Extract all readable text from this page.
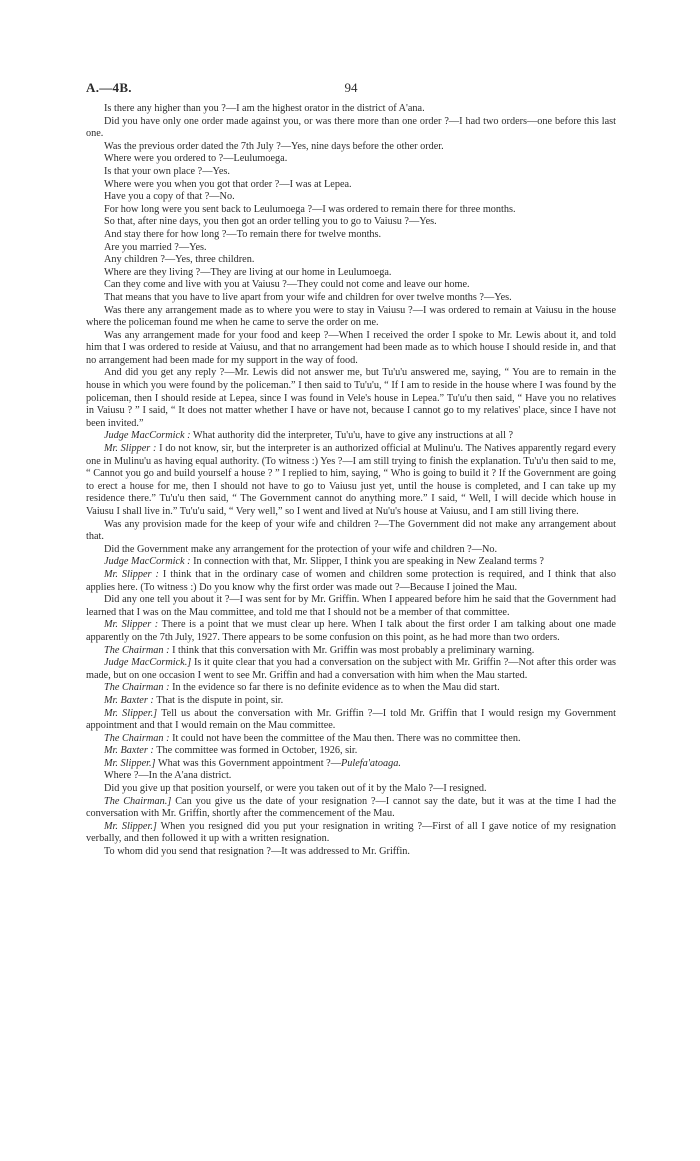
A.—4B.	94

Is there any higher than you ?—I am the highest orator in the district of A'ana.

Did you have only one order made against you, or was there more than one order ?—I had two orders—one before this last one.

Was the previous order dated the 7th July ?—Yes, nine days before the other order.

Where were you ordered to ?—Leulumoega.

Is that your own place ?—Yes.

Where were you when you got that order ?—I was at Lepea.

Have you a copy of that ?—No.

For how long were you sent back to Leulumoega ?—I was ordered to remain there for three months.

So that, after nine days, you then got an order telling you to go to Vaiusu ?—Yes.

And stay there for how long ?—To remain there for twelve months.

Are you married ?—Yes.

Any children ?—Yes, three children.

Where are they living ?—They are living at our home in Leulumoega.

Can they come and live with you at Vaiusu ?—They could not come and leave our home.

That means that you have to live apart from your wife and children for over twelve months ?—Yes.

Was there any arrangement made as to where you were to stay in Vaiusu ?—I was ordered to remain at Vaiusu in the house where the policeman found me when he came to serve the order on me.

Was any arrangement made for your food and keep ?—When I received the order I spoke to Mr. Lewis about it, and told him that I was ordered to reside at Vaiusu, and that no arrangement had been made as to which house I should reside in, and that no arrangement had been made for my support in the way of food.

And did you get any reply ?—Mr. Lewis did not answer me, but Tu'u'u answered me, saying, “ You are to remain in the house in which you were found by the policeman.” I then said to Tu'u'u, “ If I am to reside in the house where I was found by the policeman, then I should reside at Lepea, since I was found in Vele's house in Lepea.” Tu'u'u then said, “ Have you no relatives in Vaiusu ? ” I said, “ It does not matter whether I have or have not, because I cannot go to my relatives' place, since I have not been invited.”

Judge MacCormick : What authority did the interpreter, Tu'u'u, have to give any instructions at all ?

Mr. Slipper : I do not know, sir, but the interpreter is an authorized official at Mulinu'u. The Natives apparently regard every one in Mulinu'u as having equal authority. (To witness :) Yes ?—I am still trying to finish the explanation. Tu'u'u then said to me, “ Cannot you go and build yourself a house ? ” I replied to him, saying, “ Who is going to build it ? If the Government are going to erect a house for me, then I should not have to go to Vaiusu just yet, until the house is completed, and I can take up my residence there.” Tu'u'u then said, “ The Government cannot do anything more.” I said, “ Well, I will decide which house in Vaiusu I shall live in.” Tu'u'u said, “ Very well,” so I went and lived at Nu'u's house at Vaiusu, and I am still living there.

Was any provision made for the keep of your wife and children ?—The Government did not make any arrangement about that.

Did the Government make any arrangement for the protection of your wife and children ?—No.

Judge MacCormick : In connection with that, Mr. Slipper, I think you are speaking in New Zealand terms ?

Mr. Slipper : I think that in the ordinary case of women and children some protection is required, and I think that also applies here. (To witness :) Do you know why the first order was made out ?—Because I joined the Mau.

Did any one tell you about it ?—I was sent for by Mr. Griffin. When I appeared before him he said that the Government had learned that I was on the Mau committee, and told me that I should not be a member of that committee.

Mr. Slipper : There is a point that we must clear up here. When I talk about the first order I am talking about one made apparently on the 7th July, 1927. There appears to be some confusion on this point, as he had more than two orders.

The Chairman : I think that this conversation with Mr. Griffin was most probably a preliminary warning.

Judge MacCormick.] Is it quite clear that you had a conversation on the subject with Mr. Griffin ?—Not after this order was made, but on one occasion I went to see Mr. Griffin and had a conversation with him when the Mau started.

The Chairman : In the evidence so far there is no definite evidence as to when the Mau did start.

Mr. Baxter : That is the dispute in point, sir.

Mr. Slipper.] Tell us about the conversation with Mr. Griffin ?—I told Mr. Griffin that I would resign my Government appointment and that I would remain on the Mau committee.

The Chairman : It could not have been the committee of the Mau then. There was no committee then.

Mr. Baxter : The committee was formed in October, 1926, sir.

Mr. Slipper.] What was this Government appointment ?—Pulefa'atoaga.

Where ?—In the A'ana district.

Did you give up that position yourself, or were you taken out of it by the Malo ?—I resigned.

The Chairman.] Can you give us the date of your resignation ?—I cannot say the date, but it was at the time I had the conversation with Mr. Griffin, shortly after the commencement of the Mau.

Mr. Slipper.] When you resigned did you put your resignation in writing ?—First of all I gave notice of my resignation verbally, and then followed it up with a written resignation.

To whom did you send that resignation ?—It was addressed to Mr. Griffin.
